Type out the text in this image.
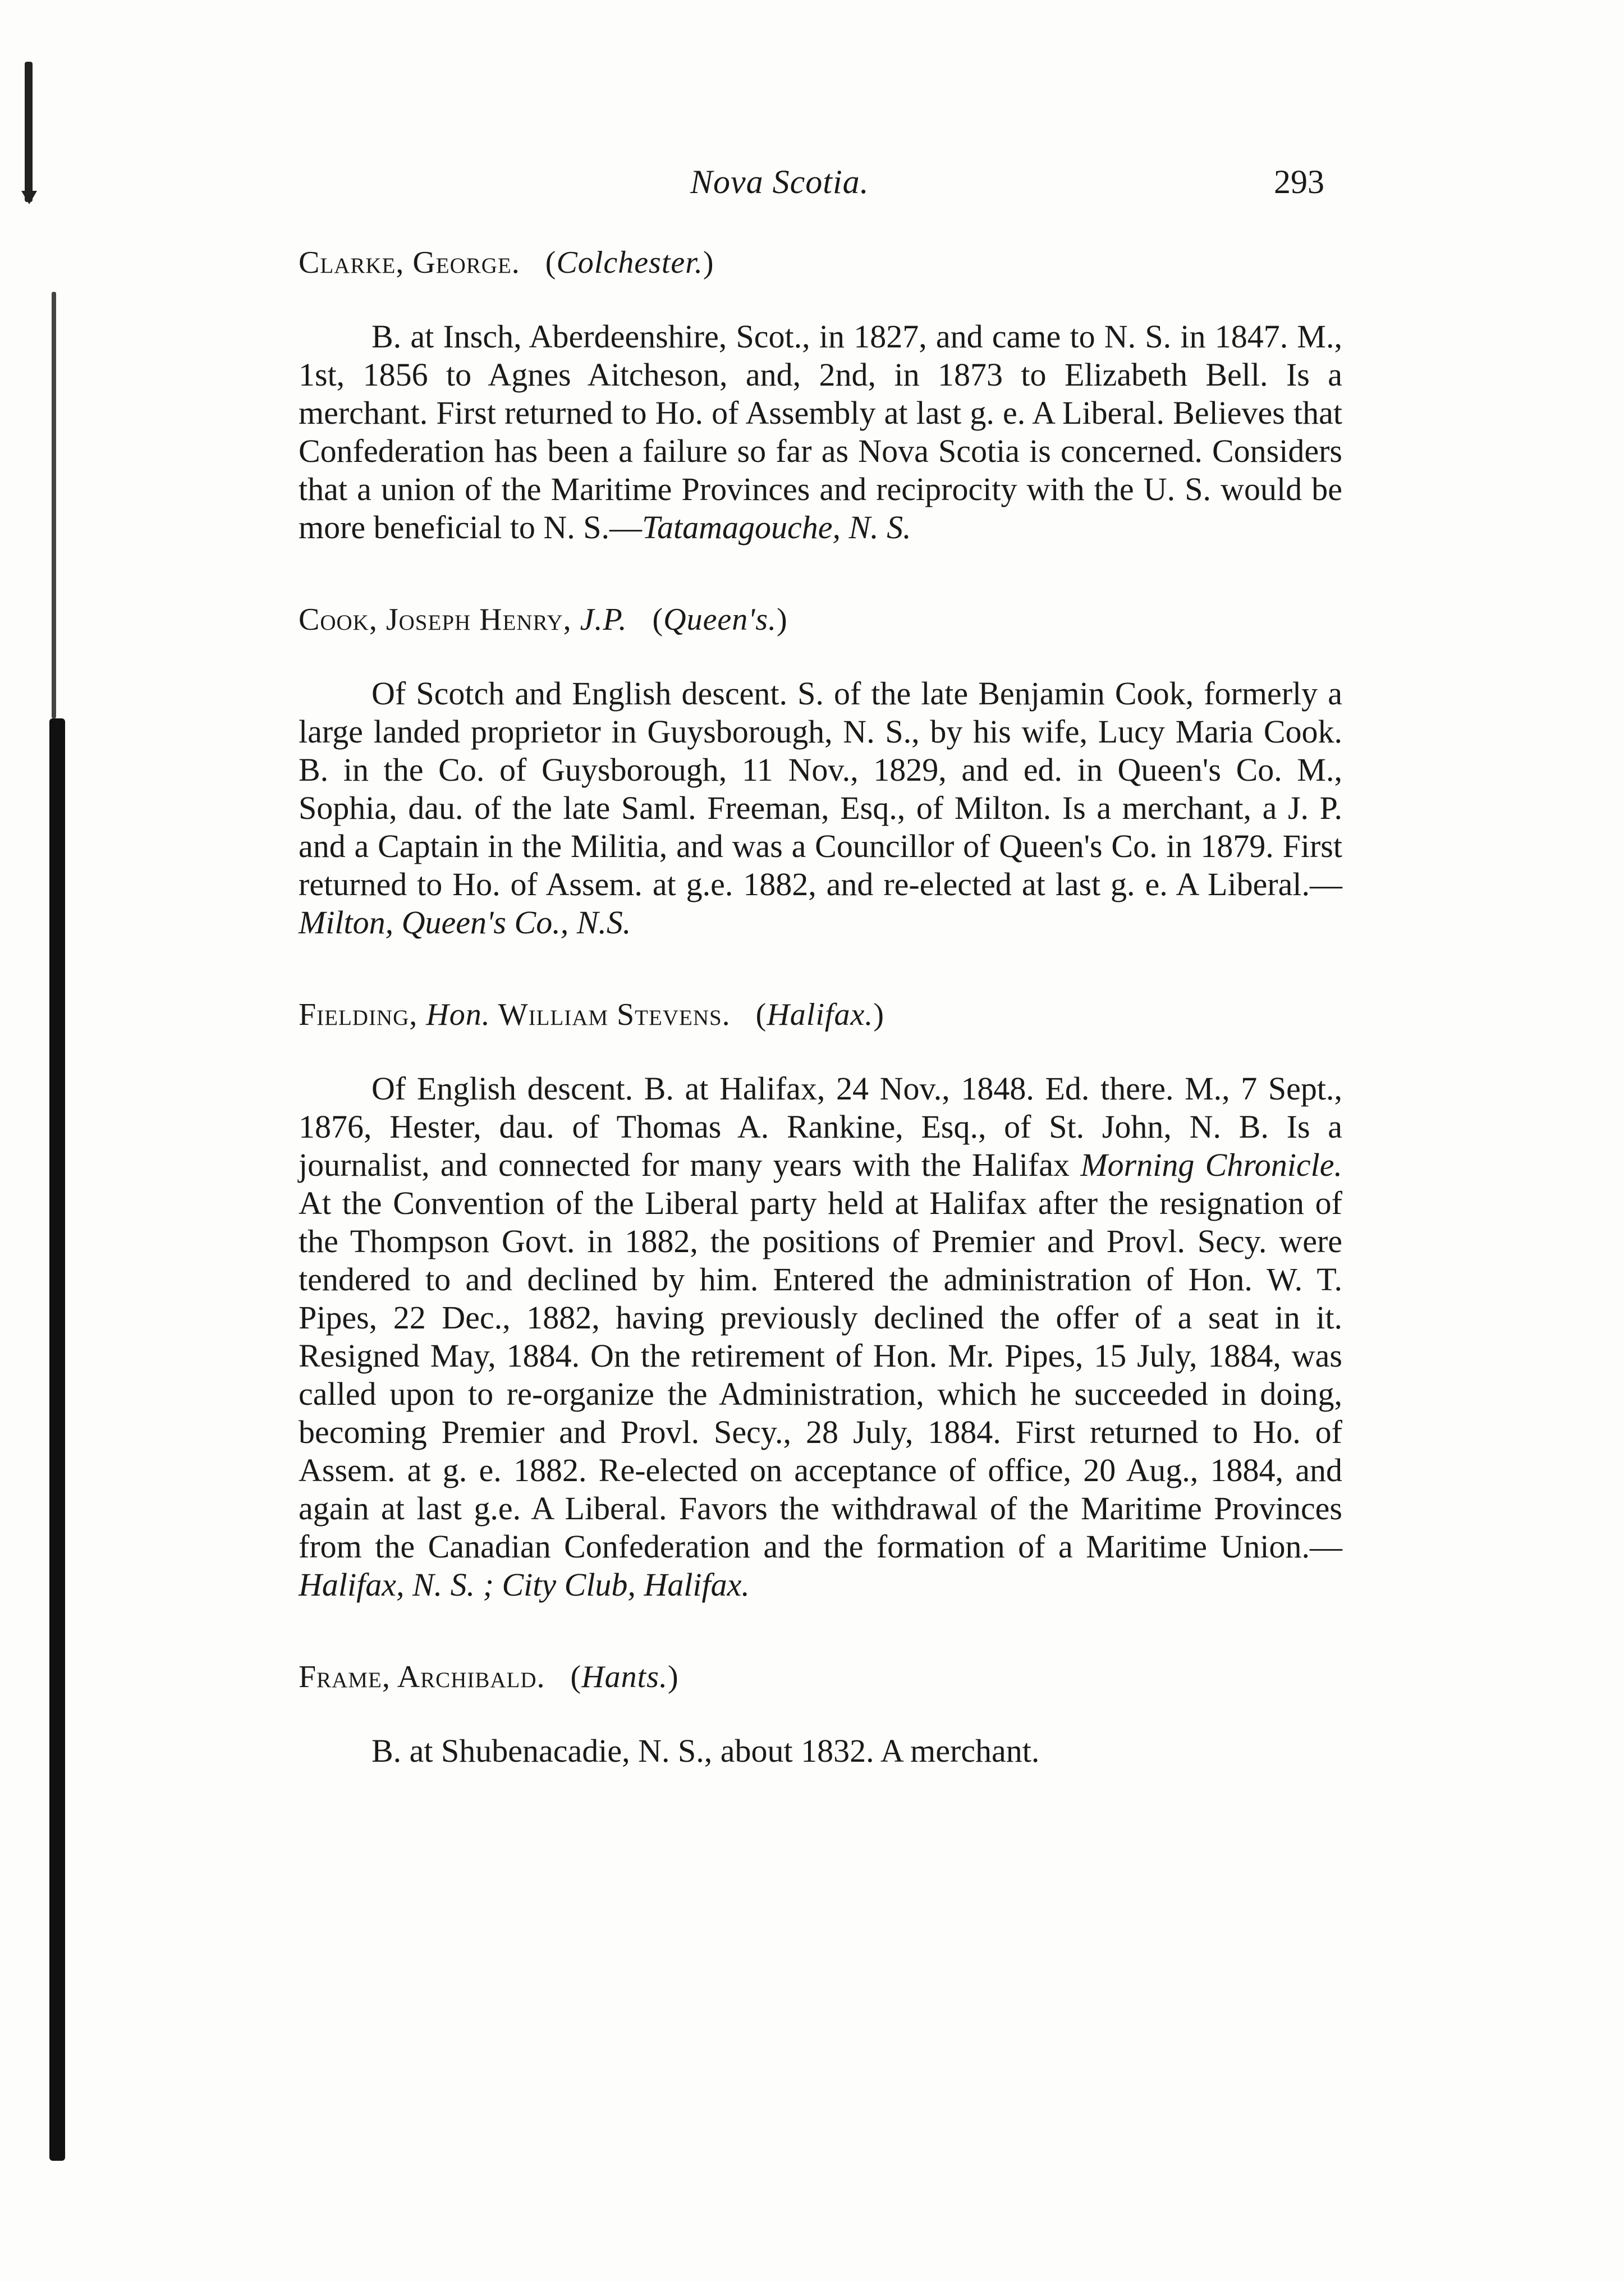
Nova Scotia.	293

Clarke, George.   (Colchester.)

B. at Insch, Aberdeenshire, Scot., in 1827, and came to N. S. in 1847. M., 1st, 1856 to Agnes Aitcheson, and, 2nd, in 1873 to Elizabeth Bell. Is a merchant. First returned to Ho. of Assembly at last g. e. A Liberal. Believes that Confederation has been a failure so far as Nova Scotia is concerned. Considers that a union of the Maritime Provinces and reciprocity with the U. S. would be more beneficial to N. S.—Tatamagouche, N. S.

Cook, Joseph Henry, J.P.   (Queen's.)

Of Scotch and English descent. S. of the late Benjamin Cook, formerly a large landed proprietor in Guysborough, N. S., by his wife, Lucy Maria Cook. B. in the Co. of Guysborough, 11 Nov., 1829, and ed. in Queen's Co. M., Sophia, dau. of the late Saml. Freeman, Esq., of Milton. Is a merchant, a J. P. and a Captain in the Militia, and was a Councillor of Queen's Co. in 1879. First returned to Ho. of Assem. at g.e. 1882, and re-elected at last g. e. A Liberal.—Milton, Queen's Co., N.S.

Fielding, Hon. William Stevens.   (Halifax.)

Of English descent. B. at Halifax, 24 Nov., 1848. Ed. there. M., 7 Sept., 1876, Hester, dau. of Thomas A. Rankine, Esq., of St. John, N. B. Is a journalist, and connected for many years with the Halifax Morning Chronicle. At the Convention of the Liberal party held at Halifax after the resignation of the Thompson Govt. in 1882, the positions of Premier and Provl. Secy. were tendered to and declined by him. Entered the administration of Hon. W. T. Pipes, 22 Dec., 1882, having previously declined the offer of a seat in it. Resigned May, 1884. On the retirement of Hon. Mr. Pipes, 15 July, 1884, was called upon to re-organize the Administration, which he succeeded in doing, becoming Premier and Provl. Secy., 28 July, 1884. First returned to Ho. of Assem. at g. e. 1882. Re-elected on acceptance of office, 20 Aug., 1884, and again at last g.e. A Liberal. Favors the withdrawal of the Maritime Provinces from the Canadian Confederation and the formation of a Maritime Union.—Halifax, N. S. ; City Club, Halifax.

Frame, Archibald.   (Hants.)

B. at Shubenacadie, N. S., about 1832. A merchant.
